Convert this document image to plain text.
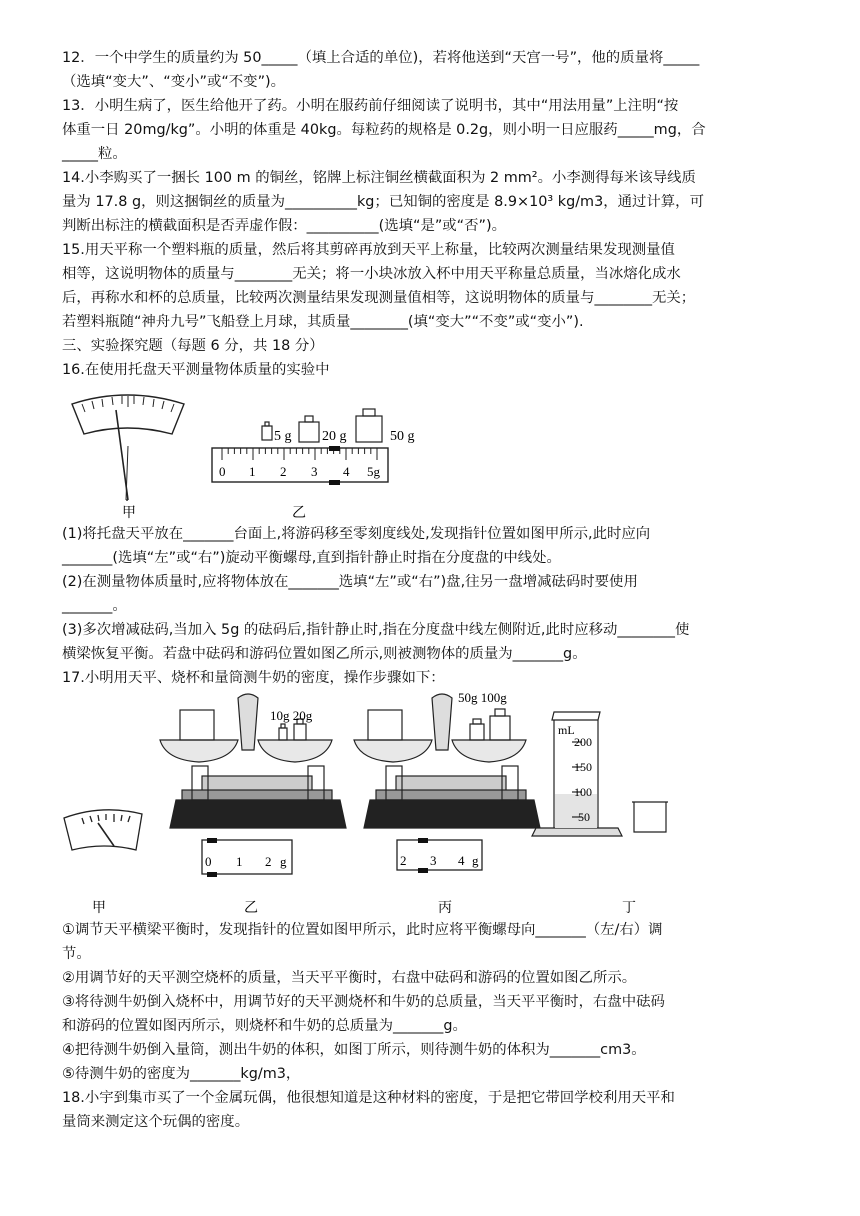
12．一个中学生的质量约为 50_____（填上合适的单位)，若将他送到“天宫一号”，他的质量将_____
（选填“变大”、“变小”或“不变”)。
13．小明生病了，医生给他开了药。小明在服药前仔细阅读了说明书，其中“用法用量”上注明“按
体重一日 20mg/kg”。小明的体重是 40kg。每粒药的规格是 0.2g，则小明一日应服药_____mg，合
_____粒。
14.小李购买了一捆长 100 m 的铜丝，铭牌上标注铜丝横截面积为 2 mm²。小李测得每米该导线质
量为 17.8 g，则这捆铜丝的质量为__________kg；已知铜的密度是 8.9×10³ kg/m3，通过计算，可
判断出标注的横截面积是否弄虚作假：__________(选填“是”或“否”)。
15.用天平称一个塑料瓶的质量，然后将其剪碎再放到天平上称量，比较两次测量结果发现测量值
相等，这说明物体的质量与________无关；将一小块冰放入杯中用天平称量总质量，当冰熔化成水
后，再称水和杯的总质量，比较两次测量结果发现测量值相等，这说明物体的质量与________无关；
若塑料瓶随“神舟九号”飞船登上月球，其质量________(填“变大”“不变”或“变小”).
三、实验探究题（每题 6 分，共 18 分）
16.在使用托盘天平测量物体质量的实验中
甲
5 g 20 g	50 g
0 1 2 3 4 5g
乙
(1)将托盘天平放在_______台面上,将游码移至零刻度线处,发现指针位置如图甲所示,此时应向
_______(选填“左”或“右”)旋动平衡螺母,直到指针静止时指在分度盘的中线处。
(2)在测量物体质量时,应将物体放在_______选填“左”或“右”)盘,往另一盘增减砝码时要使用
_______。
(3)多次增减砝码,当加入 5g 的砝码后,指针静止时,指在分度盘中线左侧附近,此时应移动________使
横梁恢复平衡。若盘中砝码和游码位置如图乙所示,则被测物体的质量为_______g。
17.小明用天平、烧杯和量筒测牛奶的密度，操作步骤如下：
甲
10g 20g
0 1 2 g
乙
50g 100g
2 3 4 g
丙
mL
200
150
100
50
丁
①调节天平横梁平衡时，发现指针的位置如图甲所示，此时应将平衡螺母向_______（左/右）调
节。
②用调节好的天平测空烧杯的质量，当天平平衡时，右盘中砝码和游码的位置如图乙所示。
③将待测牛奶倒入烧杯中，用调节好的天平测烧杯和牛奶的总质量，当天平平衡时，右盘中砝码
和游码的位置如图丙所示，则烧杯和牛奶的总质量为_______g。
④把待测牛奶倒入量筒，测出牛奶的体积，如图丁所示，则待测牛奶的体积为_______cm3。
⑤待测牛奶的密度为_______kg/m3，
18.小宇到集市买了一个金属玩偶，他很想知道是这种材料的密度，于是把它带回学校利用天平和
量筒来测定这个玩偶的密度。
